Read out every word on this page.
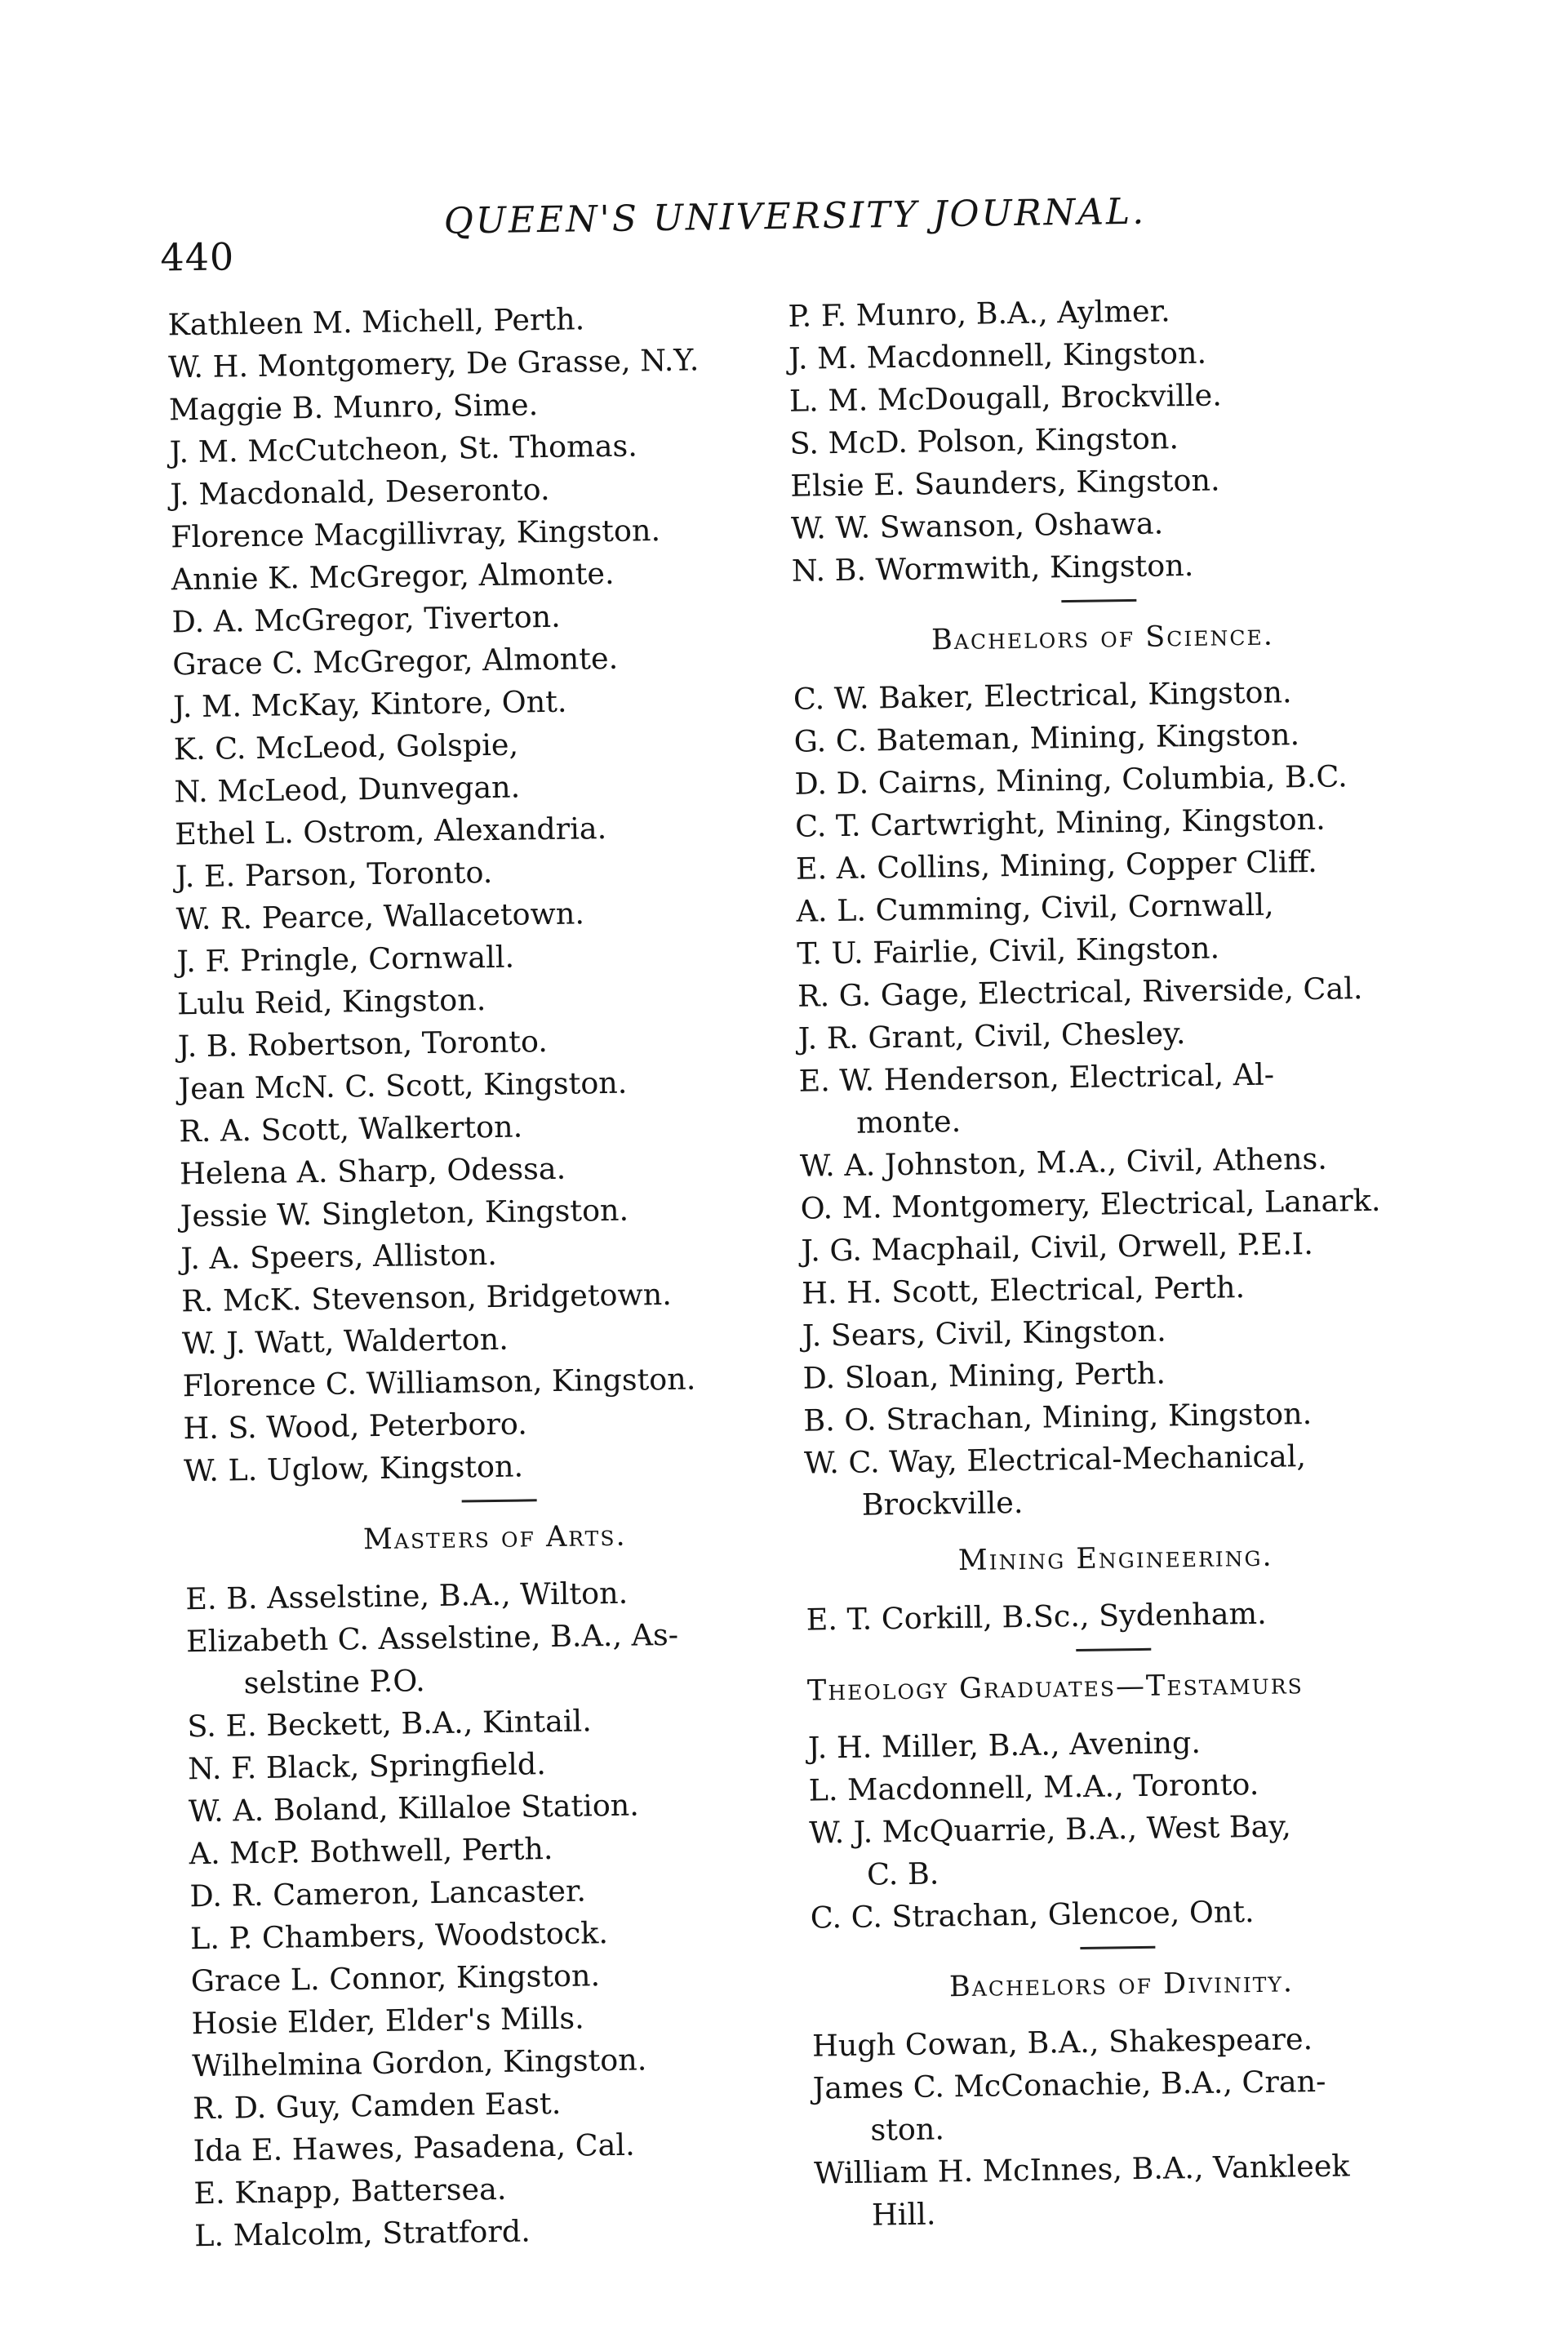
440
QUEEN'S UNIVERSITY JOURNAL.
Kathleen M. Michell, Perth.
W. H. Montgomery, De Grasse, N.Y.
Maggie B. Munro, Sime.
J. M. McCutcheon, St. Thomas.
J. Macdonald, Deseronto.
Florence Macgillivray, Kingston.
Annie K. McGregor, Almonte.
D. A. McGregor, Tiverton.
Grace C. McGregor, Almonte.
J. M. McKay, Kintore, Ont.
K. C. McLeod, Golspie,
N. McLeod, Dunvegan.
Ethel L. Ostrom, Alexandria.
J. E. Parson, Toronto.
W. R. Pearce, Wallacetown.
J. F. Pringle, Cornwall.
Lulu Reid, Kingston.
J. B. Robertson, Toronto.
Jean McN. C. Scott, Kingston.
R. A. Scott, Walkerton.
Helena A. Sharp, Odessa.
Jessie W. Singleton, Kingston.
J. A. Speers, Alliston.
R. McK. Stevenson, Bridgetown.
W. J. Watt, Walderton.
Florence C. Williamson, Kingston.
H. S. Wood, Peterboro.
W. L. Uglow, Kingston.
Masters of Arts.
E. B. Asselstine, B.A., Wilton.
Elizabeth C. Asselstine, B.A., As-
selstine P.O.
S. E. Beckett, B.A., Kintail.
N. F. Black, Springfield.
W. A. Boland, Killaloe Station.
A. McP. Bothwell, Perth.
D. R. Cameron, Lancaster.
L. P. Chambers, Woodstock.
Grace L. Connor, Kingston.
Hosie Elder, Elder's Mills.
Wilhelmina Gordon, Kingston.
R. D. Guy, Camden East.
Ida E. Hawes, Pasadena, Cal.
E. Knapp, Battersea.
L. Malcolm, Stratford.
P. F. Munro, B.A., Aylmer.
J. M. Macdonnell, Kingston.
L. M. McDougall, Brockville.
S. McD. Polson, Kingston.
Elsie E. Saunders, Kingston.
W. W. Swanson, Oshawa.
N. B. Wormwith, Kingston.
Bachelors of Science.
C. W. Baker, Electrical, Kingston.
G. C. Bateman, Mining, Kingston.
D. D. Cairns, Mining, Columbia, B.C.
C. T. Cartwright, Mining, Kingston.
E. A. Collins, Mining, Copper Cliff.
A. L. Cumming, Civil, Cornwall,
T. U. Fairlie, Civil, Kingston.
R. G. Gage, Electrical, Riverside, Cal.
J. R. Grant, Civil, Chesley.
E. W. Henderson, Electrical, Al-
monte.
W. A. Johnston, M.A., Civil, Athens.
O. M. Montgomery, Electrical, Lanark.
J. G. Macphail, Civil, Orwell, P.E.I.
H. H. Scott, Electrical, Perth.
J. Sears, Civil, Kingston.
D. Sloan, Mining, Perth.
B. O. Strachan, Mining, Kingston.
W. C. Way, Electrical-Mechanical,
Brockville.
Mining Engineering.
E. T. Corkill, B.Sc., Sydenham.
Theology Graduates—Testamurs
J. H. Miller, B.A., Avening.
L. Macdonnell, M.A., Toronto.
W. J. McQuarrie, B.A., West Bay,
C. B.
C. C. Strachan, Glencoe, Ont.
Bachelors of Divinity.
Hugh Cowan, B.A., Shakespeare.
James C. McConachie, B.A., Cran-
ston.
William H. McInnes, B.A., Vankleek
Hill.
